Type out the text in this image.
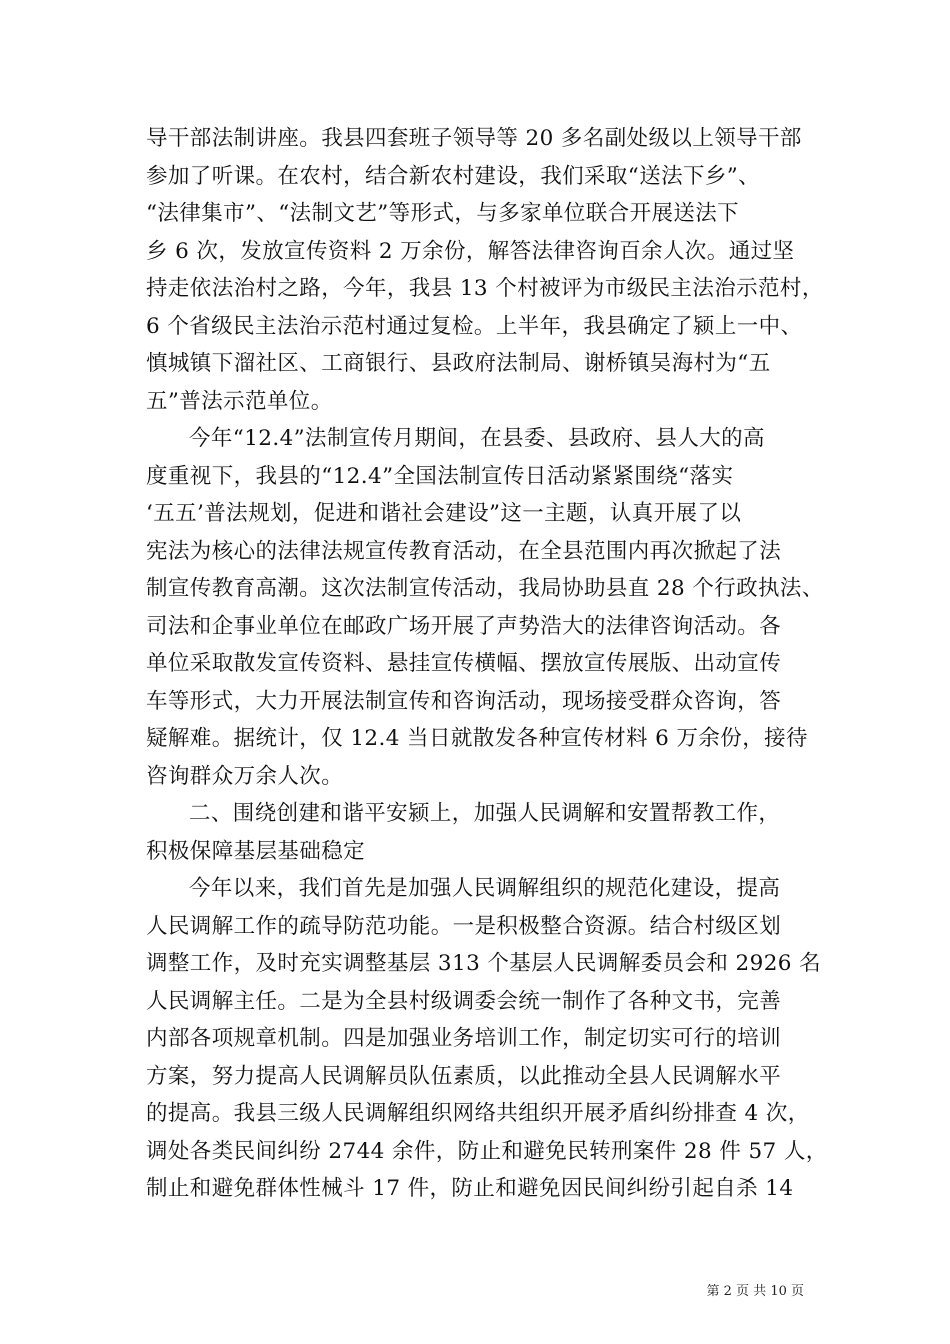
导干部法制讲座。我县四套班子领导等 20 多名副处级以上领导干部
参加了听课。在农村，结合新农村建设，我们采取“送法下乡”、
“法律集市”、“法制文艺”等形式，与多家单位联合开展送法下
乡 6 次，发放宣传资料 2 万余份，解答法律咨询百余人次。通过坚
持走依法治村之路，今年，我县 13 个村被评为市级民主法治示范村，
6 个省级民主法治示范村通过复检。上半年，我县确定了颍上一中、
慎城镇下溜社区、工商银行、县政府法制局、谢桥镇吴海村为“五
五”普法示范单位。
今年“12.4”法制宣传月期间，在县委、县政府、县人大的高
度重视下，我县的“12.4”全国法制宣传日活动紧紧围绕“落实
‘五五’普法规划，促进和谐社会建设”这一主题，认真开展了以
宪法为核心的法律法规宣传教育活动，在全县范围内再次掀起了法
制宣传教育高潮。这次法制宣传活动，我局协助县直 28 个行政执法、
司法和企事业单位在邮政广场开展了声势浩大的法律咨询活动。各
单位采取散发宣传资料、悬挂宣传横幅、摆放宣传展版、出动宣传
车等形式，大力开展法制宣传和咨询活动，现场接受群众咨询，答
疑解难。据统计，仅 12.4 当日就散发各种宣传材料 6 万余份，接待
咨询群众万余人次。
二、围绕创建和谐平安颍上，加强人民调解和安置帮教工作，
积极保障基层基础稳定
今年以来，我们首先是加强人民调解组织的规范化建设，提高
人民调解工作的疏导防范功能。一是积极整合资源。结合村级区划
调整工作，及时充实调整基层 313 个基层人民调解委员会和 2926 名
人民调解主任。二是为全县村级调委会统一制作了各种文书，完善
内部各项规章机制。四是加强业务培训工作，制定切实可行的培训
方案，努力提高人民调解员队伍素质，以此推动全县人民调解水平
的提高。我县三级人民调解组织网络共组织开展矛盾纠纷排查 4 次，
调处各类民间纠纷 2744 余件，防止和避免民转刑案件 28 件 57 人，
制止和避免群体性械斗 17 件，防止和避免因民间纠纷引起自杀 14
第 2 页 共 10 页
